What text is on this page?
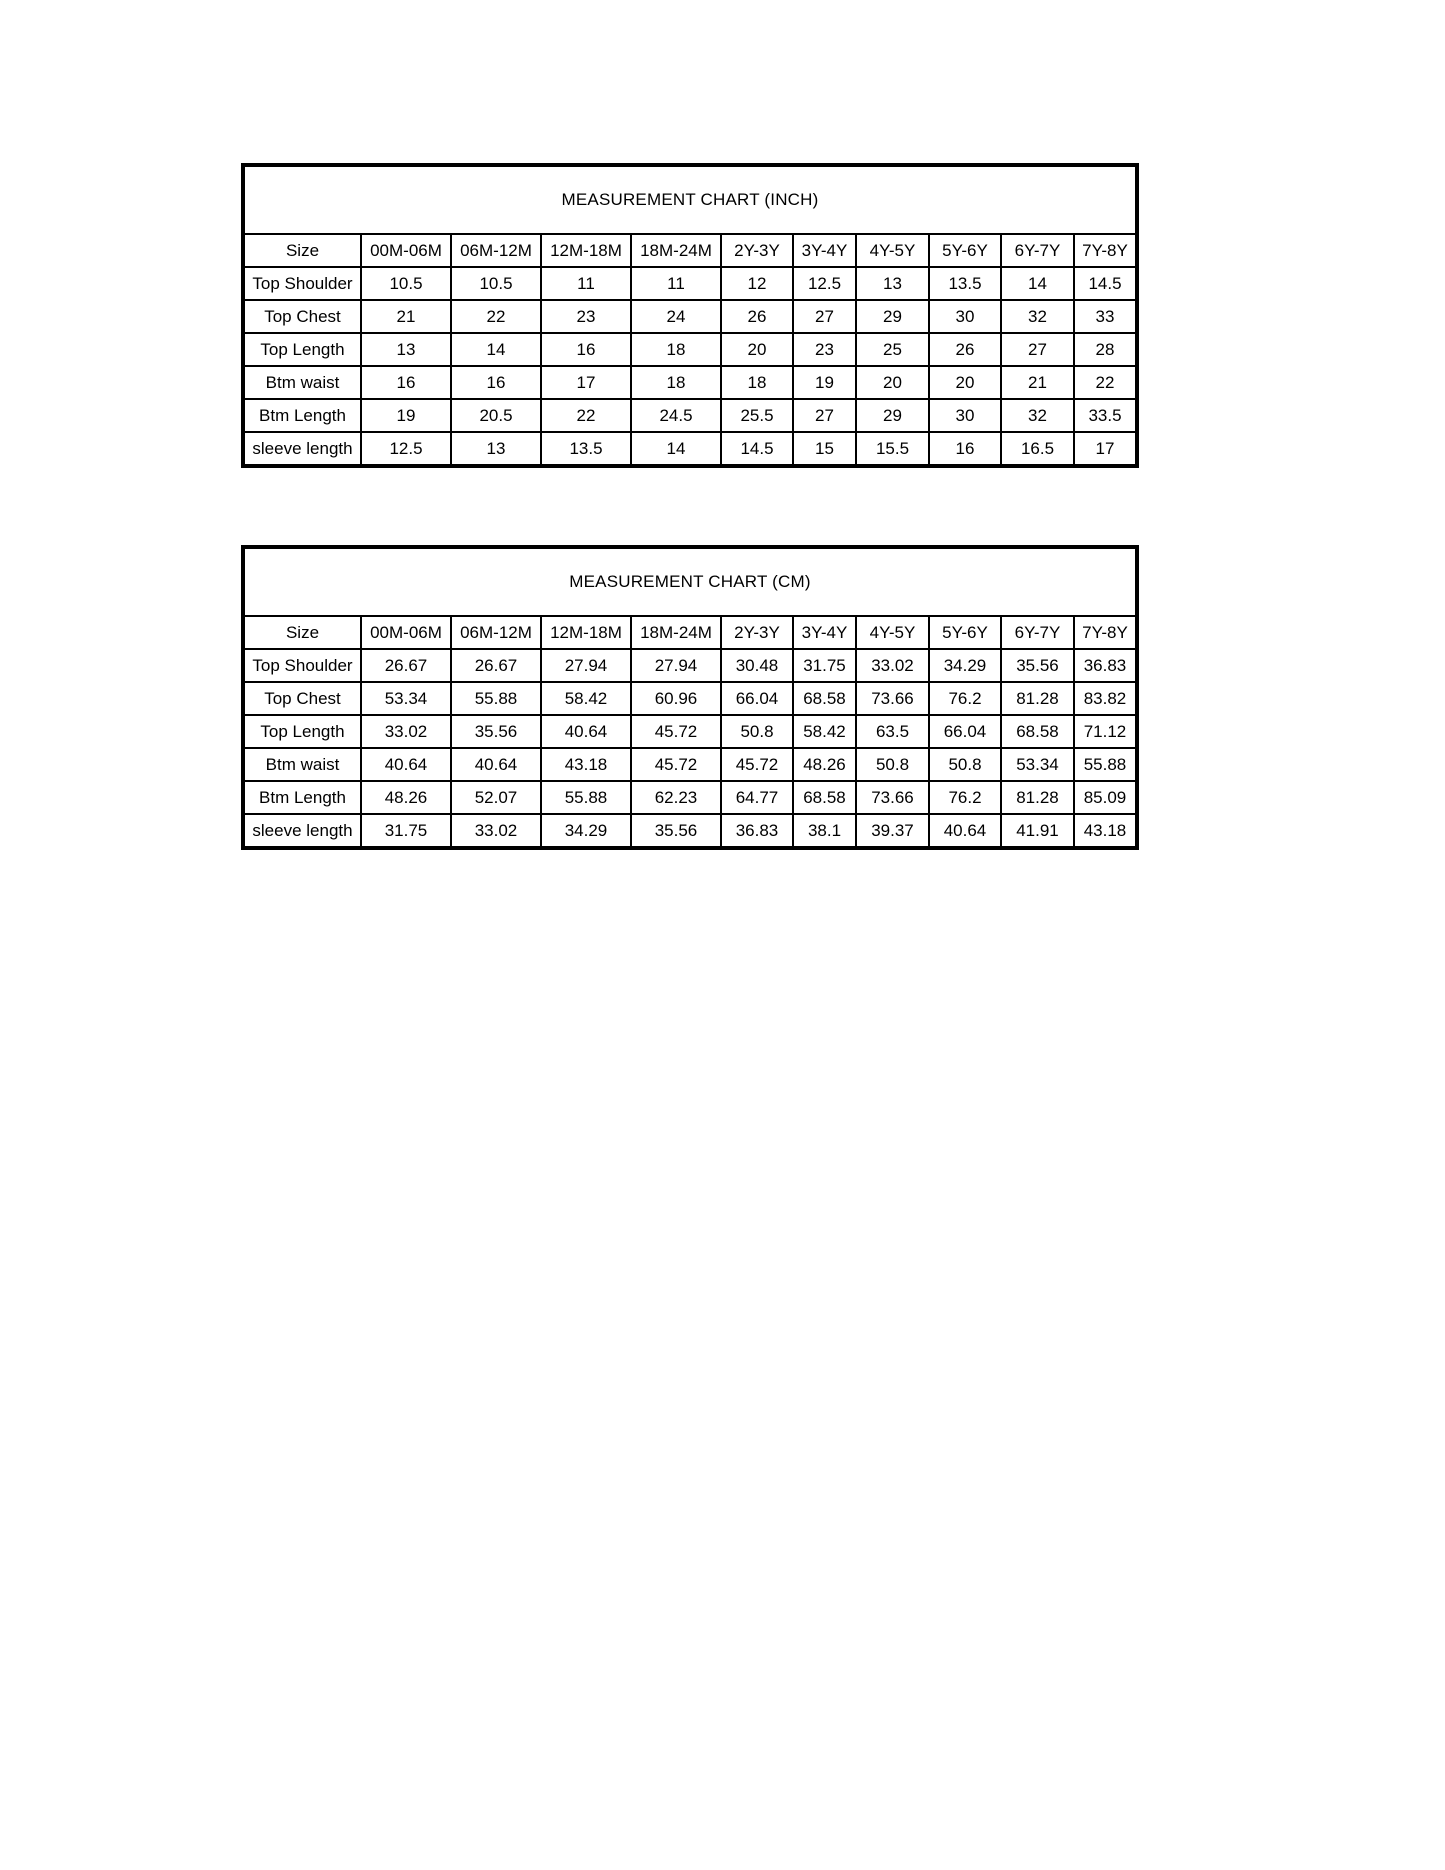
MEASUREMENT CHART (INCH)
Size	00M-06M	06M-12M	12M-18M	18M-24M	2Y-3Y	3Y-4Y	4Y-5Y	5Y-6Y	6Y-7Y	7Y-8Y
Top Shoulder	10.5	10.5	11	11	12	12.5	13	13.5	14	14.5
Top Chest	21	22	23	24	26	27	29	30	32	33
Top Length	13	14	16	18	20	23	25	26	27	28
Btm waist	16	16	17	18	18	19	20	20	21	22
Btm Length	19	20.5	22	24.5	25.5	27	29	30	32	33.5
sleeve length	12.5	13	13.5	14	14.5	15	15.5	16	16.5	17
MEASUREMENT CHART (CM)
Size	00M-06M	06M-12M	12M-18M	18M-24M	2Y-3Y	3Y-4Y	4Y-5Y	5Y-6Y	6Y-7Y	7Y-8Y
Top Shoulder	26.67	26.67	27.94	27.94	30.48	31.75	33.02	34.29	35.56	36.83
Top Chest	53.34	55.88	58.42	60.96	66.04	68.58	73.66	76.2	81.28	83.82
Top Length	33.02	35.56	40.64	45.72	50.8	58.42	63.5	66.04	68.58	71.12
Btm waist	40.64	40.64	43.18	45.72	45.72	48.26	50.8	50.8	53.34	55.88
Btm Length	48.26	52.07	55.88	62.23	64.77	68.58	73.66	76.2	81.28	85.09
sleeve length	31.75	33.02	34.29	35.56	36.83	38.1	39.37	40.64	41.91	43.18
